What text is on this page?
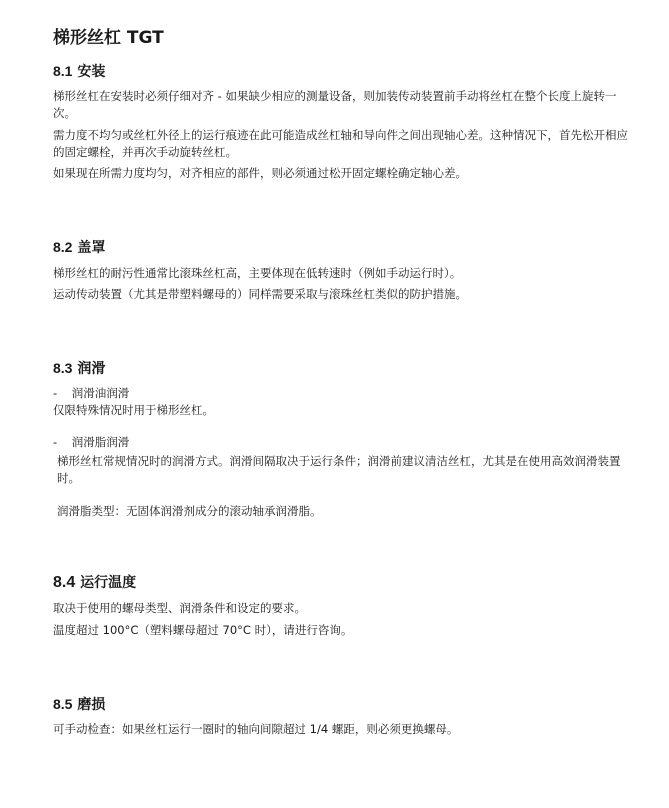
梯形丝杠 TGT
8.1 安装

梯形丝杠在安装时必须仔细对齐 - 如果缺少相应的测量设备，则加装传动装置前手动将丝杠在整个长度上旋转一次。

需力度不均匀或丝杠外径上的运行痕迹在此可能造成丝杠轴和导向件之间出现轴心差。这种情况下，首先松开相应的固定螺栓，并再次手动旋转丝杠。

如果现在所需力度均匀，对齐相应的部件，则必须通过松开固定螺栓确定轴心差。

8.2 盖罩

梯形丝杠的耐污性通常比滚珠丝杠高，主要体现在低转速时（例如手动运行时）。

运动传动装置（尤其是带塑料螺母的）同样需要采取与滚珠丝杠类似的防护措施。

8.3 润滑

-    润滑油润滑

仅限特殊情况时用于梯形丝杠。

-    润滑脂润滑

梯形丝杠常规情况时的润滑方式。润滑间隔取决于运行条件；润滑前建议清洁丝杠，尤其是在使用高效润滑装置时。

润滑脂类型：无固体润滑剂成分的滚动轴承润滑脂。

8.4 运行温度

取决于使用的螺母类型、润滑条件和设定的要求。

温度超过 100°C（塑料螺母超过 70°C 时），请进行咨询。

8.5 磨损

可手动检查：如果丝杠运行一圈时的轴向间隙超过 1/4 螺距，则必须更换螺母。
